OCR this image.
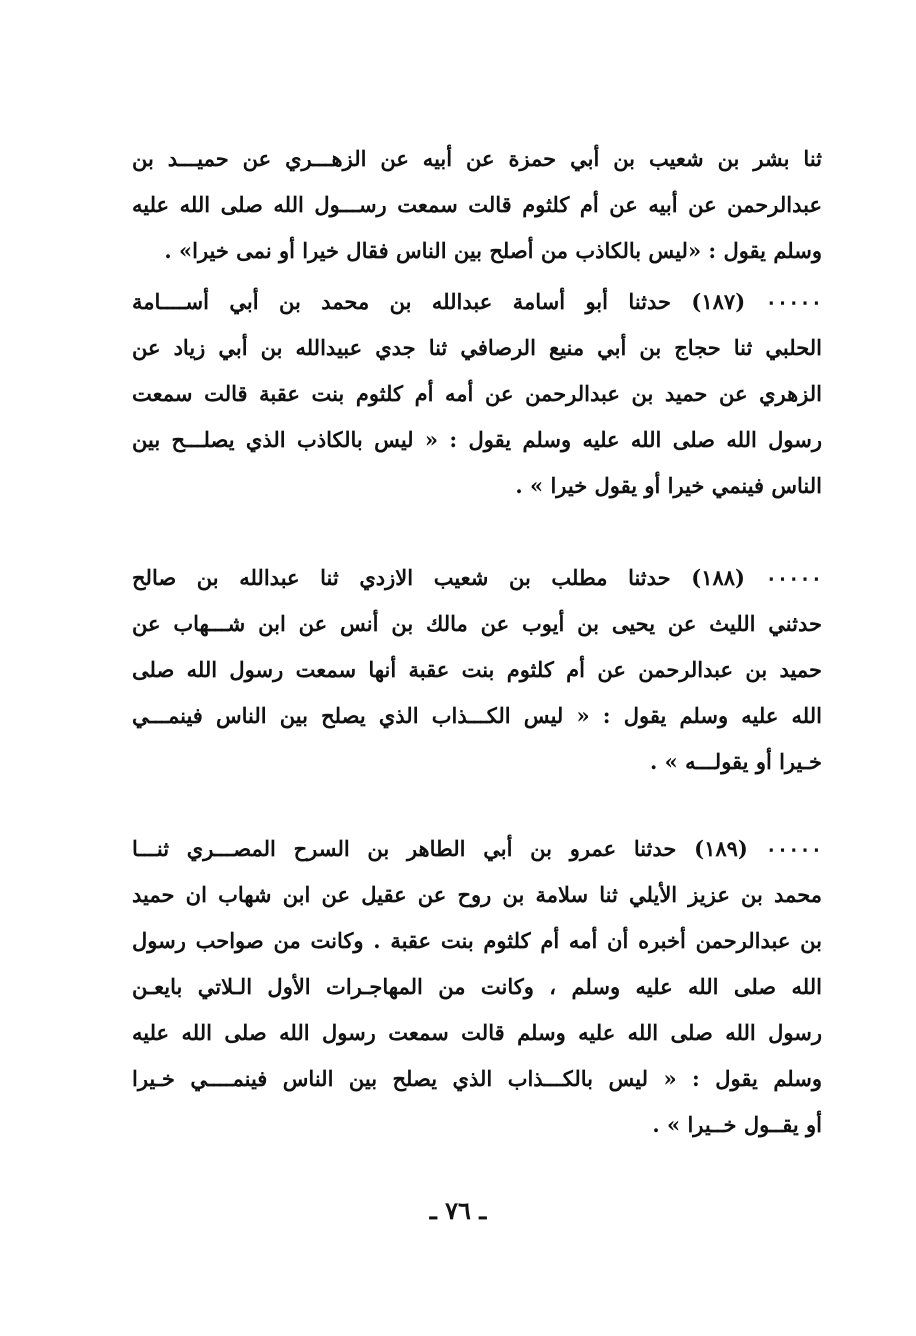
ثنا بشر بن شعيب بن أبي حمزة عن أبيه عن الزهـــري عن حميـــد بن
عبدالرحمن عن أبيه عن أم كلثوم قالت سمعت رســـول الله صلى الله عليه
وسلم يقول : «ليس بالكاذب من أصلح بين الناس فقال خيرا أو نمى خيرا» .
٠٠٠٠٠ (١٨٧) حدثنا أبو أسامة عبدالله بن محمد بن أبي أســــامة
الحلبي ثنا حجاج بن أبي منيع الرصافي ثنا جدي عبيدالله بن أبي زياد عن
الزهري عن حميد بن عبدالرحمن عن أمه أم كلثوم بنت عقبة قالت سمعت
رسول الله صلى الله عليه وسلم يقول : « ليس بالكاذب الذي يصلـــح بين
الناس فينمي خيرا أو يقول خيرا » .
٠٠٠٠٠ (١٨٨) حدثنا مطلب بن شعيب الازدي ثنا عبدالله بن صالح
حدثني الليث عن يحيى بن أيوب عن مالك بن أنس عن ابن شـــهاب عن
حميد بن عبدالرحمن عن أم كلثوم بنت عقبة أنها سمعت رسول الله صلى
الله عليه وسلم يقول : « ليس الكـــذاب الذي يصلح بين الناس فينمـــي
خـيرا أو يقولـــه » .
٠٠٠٠٠ (١٨٩) حدثنا عمرو بن أبي الطاهر بن السرح المصـــري ثنـــا
محمد بن عزيز الأيلي ثنا سلامة بن روح عن عقيل عن ابن شهاب ان حميد
بن عبدالرحمن أخبره أن أمه أم كلثوم بنت عقبة . وكانت من صواحب رسول
الله صلى الله عليه وسلم ، وكانت من المهاجـرات الأول الـلاتي بايعـن
رسول الله صلى الله عليه وسلم قالت سمعت رسول الله صلى الله عليه
وسلم يقول : « ليس بالكـــذاب الذي يصلح بين الناس فينمــــي خـيرا
أو يقــول خــيرا » .
ـ ٧٦ ـ
